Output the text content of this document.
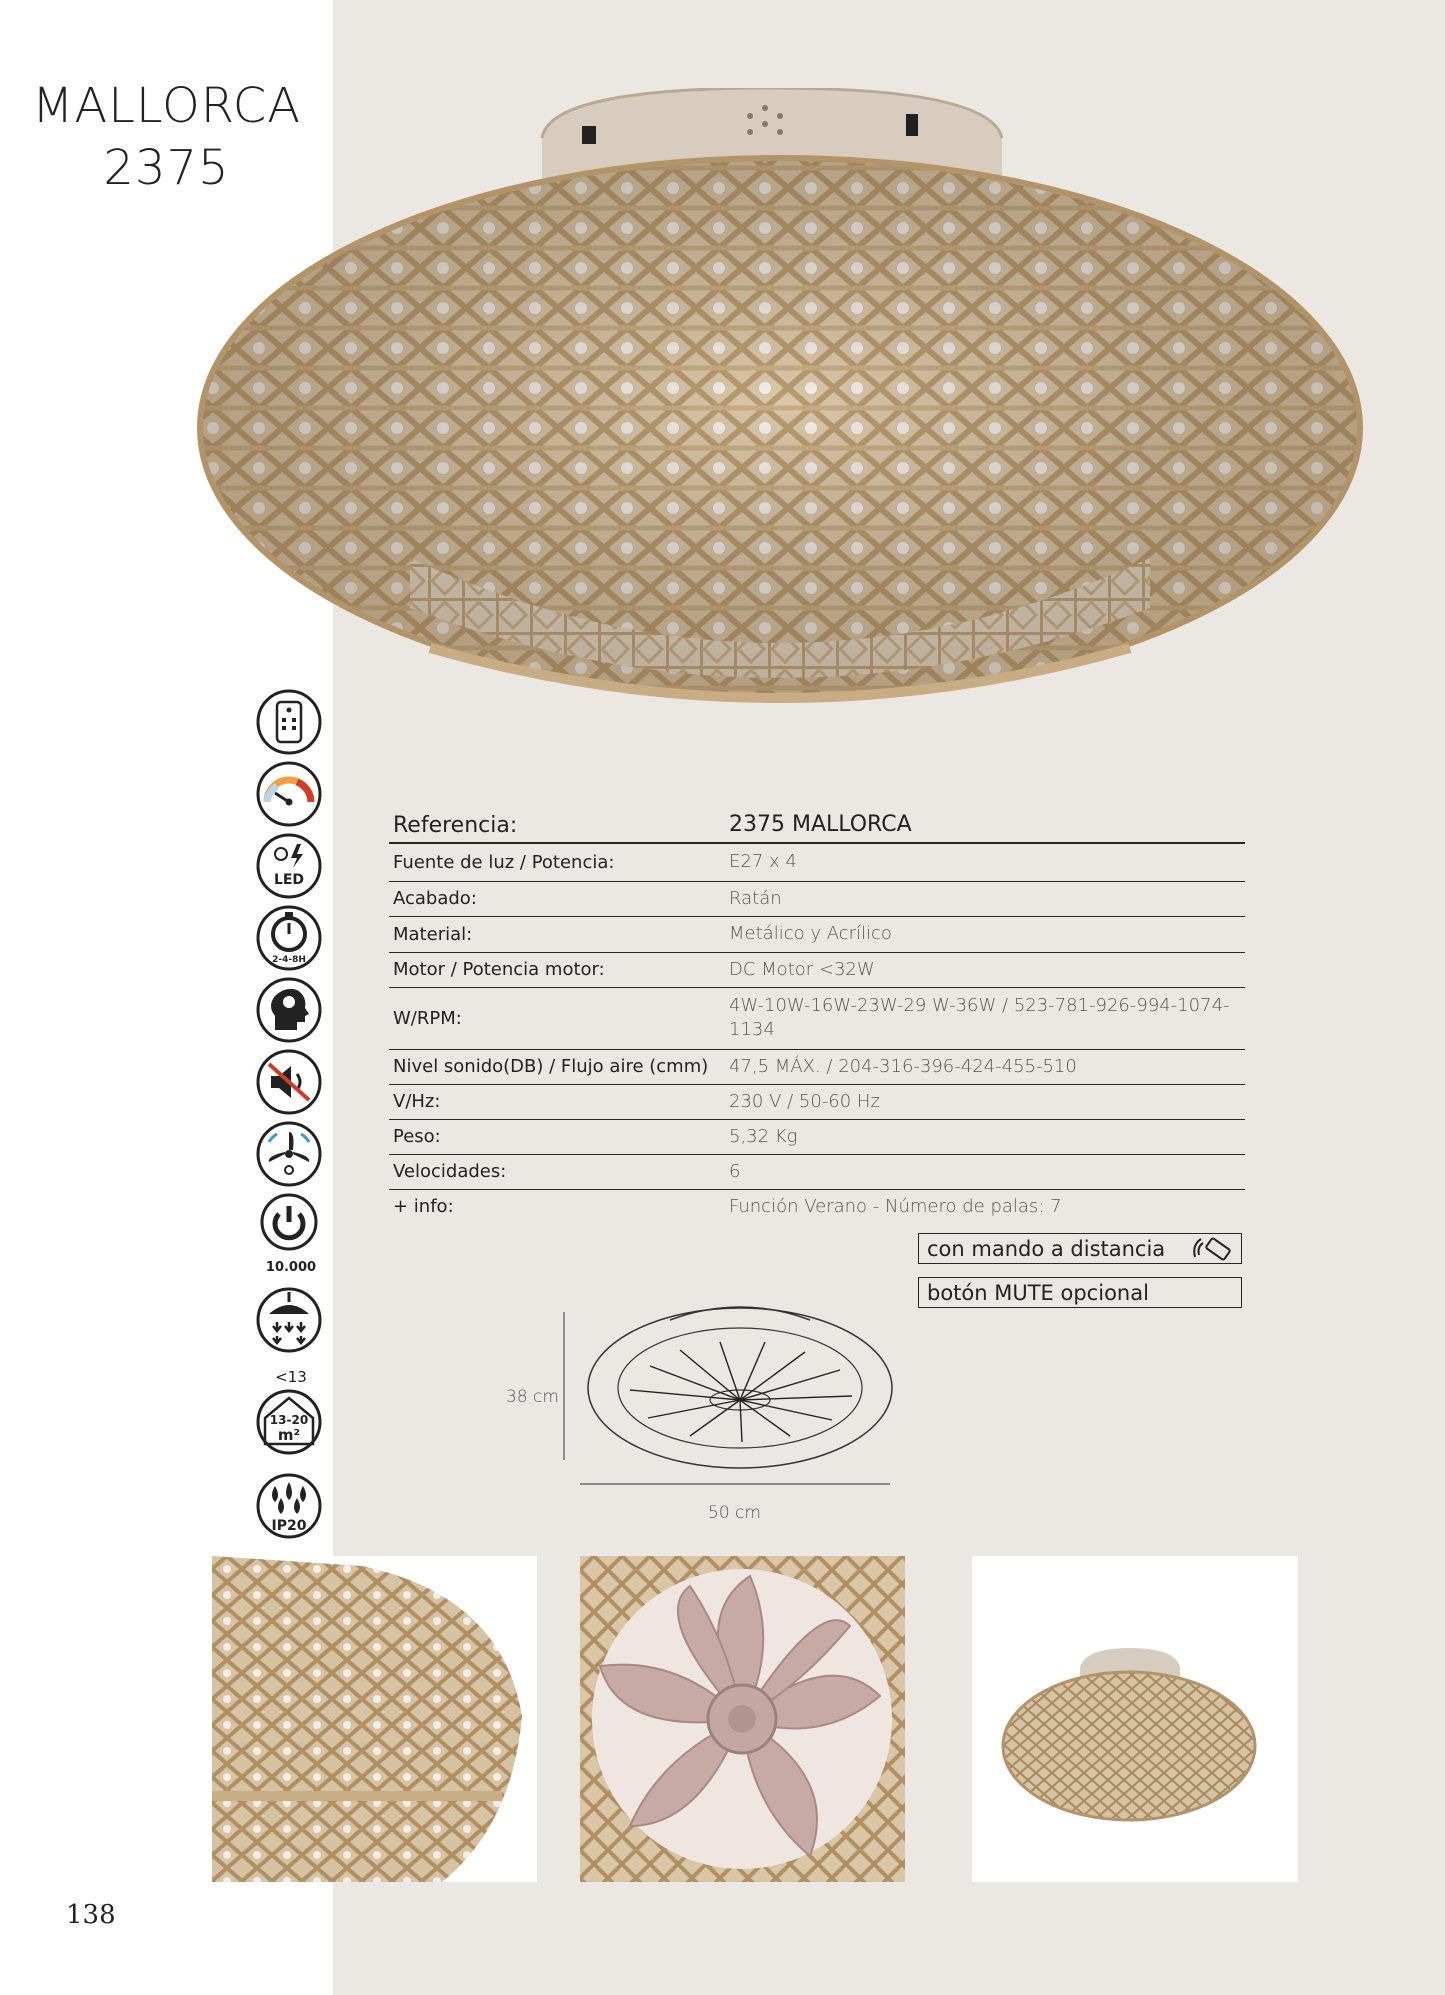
MALLORCA
2375
LED
2-4-8H
10.000
<13
13-20
m²
IP20
Referencia:	2375 MALLORCA
Fuente de luz / Potencia:	E27 x 4
Acabado:	Ratán
Material:	Metálico y Acrílico
Motor / Potencia motor:	DC Motor <32W
W/RPM:	4W-10W-16W-23W-29 W-36W / 523-781-926-994-1074-1134
Nivel sonido(DB) / Flujo aire (cmm)	47,5 MÁX. / 204-316-396-424-455-510
V/Hz:	230 V / 50-60 Hz
Peso:	5,32 Kg
Velocidades:	6
+ info:	Función Verano - Número de palas: 7
con mando a distancia
botón MUTE opcional
38 cm
50 cm
138
